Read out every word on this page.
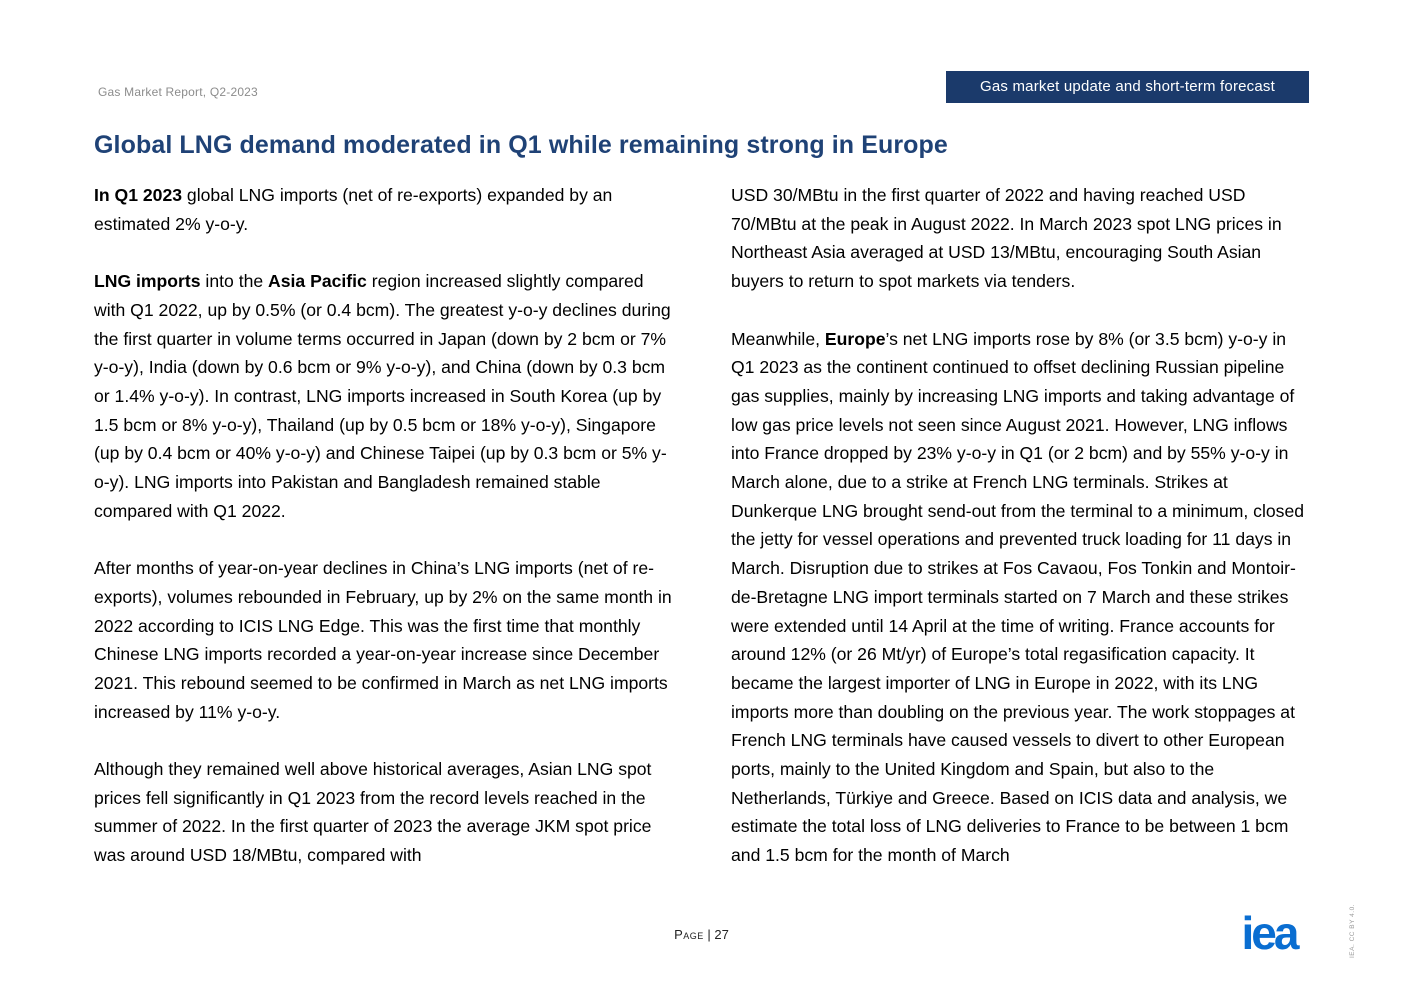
Gas Market Report, Q2-2023	Gas market update and short-term forecast
Global LNG demand moderated in Q1 while remaining strong in Europe

In Q1 2023 global LNG imports (net of re-exports) expanded by an estimated 2% y-o-y.

LNG imports into the Asia Pacific region increased slightly compared with Q1 2022, up by 0.5% (or 0.4 bcm). The greatest y-o-y declines during the first quarter in volume terms occurred in Japan (down by 2 bcm or 7% y-o-y), India (down by 0.6 bcm or 9% y-o-y), and China (down by 0.3 bcm or 1.4% y-o-y). In contrast, LNG imports increased in South Korea (up by 1.5 bcm or 8% y-o-y), Thailand (up by 0.5 bcm or 18% y-o-y), Singapore (up by 0.4 bcm or 40% y-o-y) and Chinese Taipei (up by 0.3 bcm or 5% y-o-y). LNG imports into Pakistan and Bangladesh remained stable compared with Q1 2022.

After months of year-on-year declines in China’s LNG imports (net of re-exports), volumes rebounded in February, up by 2% on the same month in 2022 according to ICIS LNG Edge. This was the first time that monthly Chinese LNG imports recorded a year-on-year increase since December 2021. This rebound seemed to be confirmed in March as net LNG imports increased by 11% y-o-y.

Although they remained well above historical averages, Asian LNG spot prices fell significantly in Q1 2023 from the record levels reached in the summer of 2022. In the first quarter of 2023 the average JKM spot price was around USD 18/MBtu, compared with

USD 30/MBtu in the first quarter of 2022 and having reached USD 70/MBtu at the peak in August 2022. In March 2023 spot LNG prices in Northeast Asia averaged at USD 13/MBtu, encouraging South Asian buyers to return to spot markets via tenders.

Meanwhile, Europe’s net LNG imports rose by 8% (or 3.5 bcm) y-o-y in Q1 2023 as the continent continued to offset declining Russian pipeline gas supplies, mainly by increasing LNG imports and taking advantage of low gas price levels not seen since August 2021. However, LNG inflows into France dropped by 23% y-o-y in Q1 (or 2 bcm) and by 55% y-o-y in March alone, due to a strike at French LNG terminals. Strikes at Dunkerque LNG brought send-out from the terminal to a minimum, closed the jetty for vessel operations and prevented truck loading for 11 days in March. Disruption due to strikes at Fos Cavaou, Fos Tonkin and Montoir-de-Bretagne LNG import terminals started on 7 March and these strikes were extended until 14 April at the time of writing. France accounts for around 12% (or 26 Mt/yr) of Europe’s total regasification capacity. It became the largest importer of LNG in Europe in 2022, with its LNG imports more than doubling on the previous year. The work stoppages at French LNG terminals have caused vessels to divert to other European ports, mainly to the United Kingdom and Spain, but also to the Netherlands, Türkiye and Greece. Based on ICIS data and analysis, we estimate the total loss of LNG deliveries to France to be between 1 bcm and 1.5 bcm for the month of March

Page | 27	iea	IEA. CC BY 4.0.
